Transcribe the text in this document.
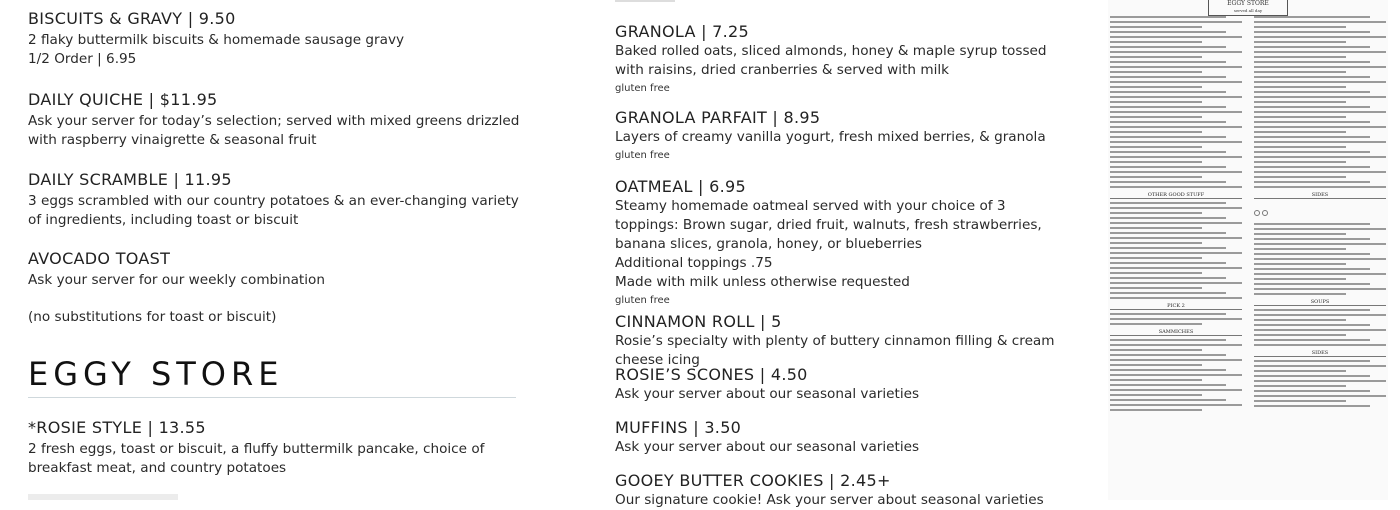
BISCUITS & GRAVY | 9.50
2 flaky buttermilk biscuits & homemade sausage gravy
1/2 Order | 6.95
DAILY QUICHE | $11.95
Ask your server for today’s selection; served with mixed greens drizzled with raspberry vinaigrette & seasonal fruit
DAILY SCRAMBLE | 11.95
3 eggs scrambled with our country potatoes & an ever-changing variety of ingredients, including toast or biscuit
AVOCADO TOAST
Ask your server for our weekly combination
(no substitutions for toast or biscuit)
EGGY STORE
*ROSIE STYLE | 13.55
2 fresh eggs, toast or biscuit, a fluffy buttermilk pancake, choice of breakfast meat, and country potatoes
GRANOLA | 7.25
Baked rolled oats, sliced almonds, honey & maple syrup tossed with raisins, dried cranberries & served with milk
gluten free
GRANOLA PARFAIT | 8.95
Layers of creamy vanilla yogurt, fresh mixed berries, & granola
gluten free
OATMEAL | 6.95
Steamy homemade oatmeal served with your choice of 3 toppings: Brown sugar, dried fruit, walnuts, fresh strawberries, banana slices, granola, honey, or blueberries
Additional toppings .75
Made with milk unless otherwise requested
gluten free
CINNAMON ROLL | 5
Rosie’s specialty with plenty of buttery cinnamon filling & cream cheese icing
ROSIE’S SCONES | 4.50
Ask your server about our seasonal varieties
MUFFINS | 3.50
Ask your server about our seasonal varieties
GOOEY BUTTER COOKIES | 2.45+
Our signature cookie! Ask your server about seasonal varieties
EGGY STORE
served all day
OTHER GOOD STUFF
PICK 2
SAMMICHES
SIDES
SOUPS
SIDES
